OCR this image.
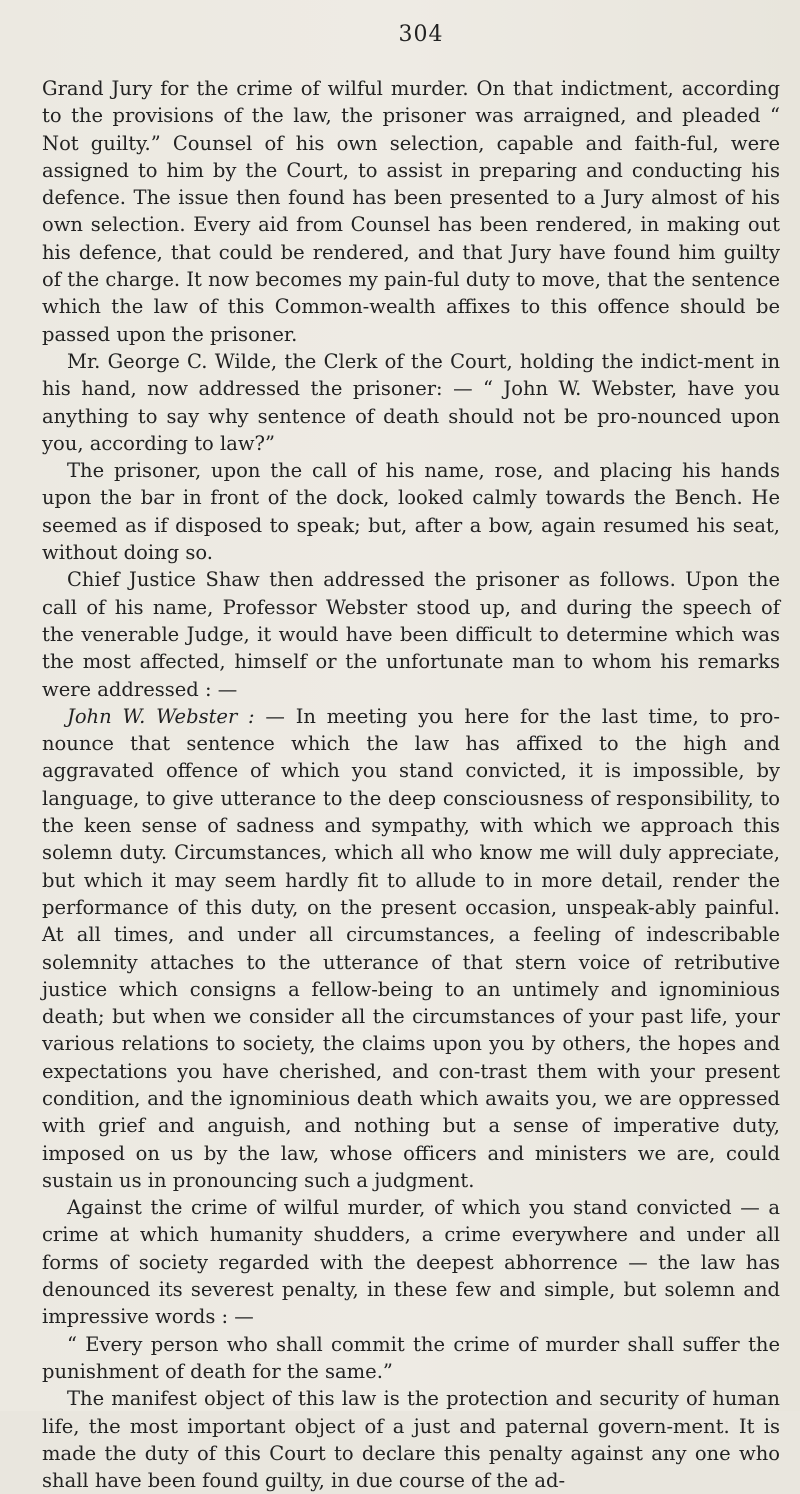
304

Grand Jury for the crime of wilful murder. On that indictment, according to the provisions of the law, the prisoner was arraigned, and pleaded “ Not guilty.” Counsel of his own selection, capable and faith-ful, were assigned to him by the Court, to assist in preparing and conducting his defence. The issue then found has been presented to a Jury almost of his own selection. Every aid from Counsel has been rendered, in making out his defence, that could be rendered, and that Jury have found him guilty of the charge. It now becomes my pain-ful duty to move, that the sentence which the law of this Common-wealth affixes to this offence should be passed upon the prisoner.

Mr. George C. Wilde, the Clerk of the Court, holding the indict-ment in his hand, now addressed the prisoner: — “ John W. Webster, have you anything to say why sentence of death should not be pro-nounced upon you, according to law?”

The prisoner, upon the call of his name, rose, and placing his hands upon the bar in front of the dock, looked calmly towards the Bench. He seemed as if disposed to speak; but, after a bow, again resumed his seat, without doing so.

Chief Justice Shaw then addressed the prisoner as follows. Upon the call of his name, Professor Webster stood up, and during the speech of the venerable Judge, it would have been difficult to determine which was the most affected, himself or the unfortunate man to whom his remarks were addressed : —

John W. Webster : — In meeting you here for the last time, to pro-nounce that sentence which the law has affixed to the high and aggravated offence of which you stand convicted, it is impossible, by language, to give utterance to the deep consciousness of responsibility, to the keen sense of sadness and sympathy, with which we approach this solemn duty. Circumstances, which all who know me will duly appreciate, but which it may seem hardly fit to allude to in more detail, render the performance of this duty, on the present occasion, unspeak-ably painful. At all times, and under all circumstances, a feeling of indescribable solemnity attaches to the utterance of that stern voice of retributive justice which consigns a fellow-being to an untimely and ignominious death; but when we consider all the circumstances of your past life, your various relations to society, the claims upon you by others, the hopes and expectations you have cherished, and con-trast them with your present condition, and the ignominious death which awaits you, we are oppressed with grief and anguish, and nothing but a sense of imperative duty, imposed on us by the law, whose officers and ministers we are, could sustain us in pronouncing such a judgment.

Against the crime of wilful murder, of which you stand convicted — a crime at which humanity shudders, a crime everywhere and under all forms of society regarded with the deepest abhorrence — the law has denounced its severest penalty, in these few and simple, but solemn and impressive words : —

“ Every person who shall commit the crime of murder shall suffer the punishment of death for the same.”

The manifest object of this law is the protection and security of human life, the most important object of a just and paternal govern-ment. It is made the duty of this Court to declare this penalty against any one who shall have been found guilty, in due course of the ad-
